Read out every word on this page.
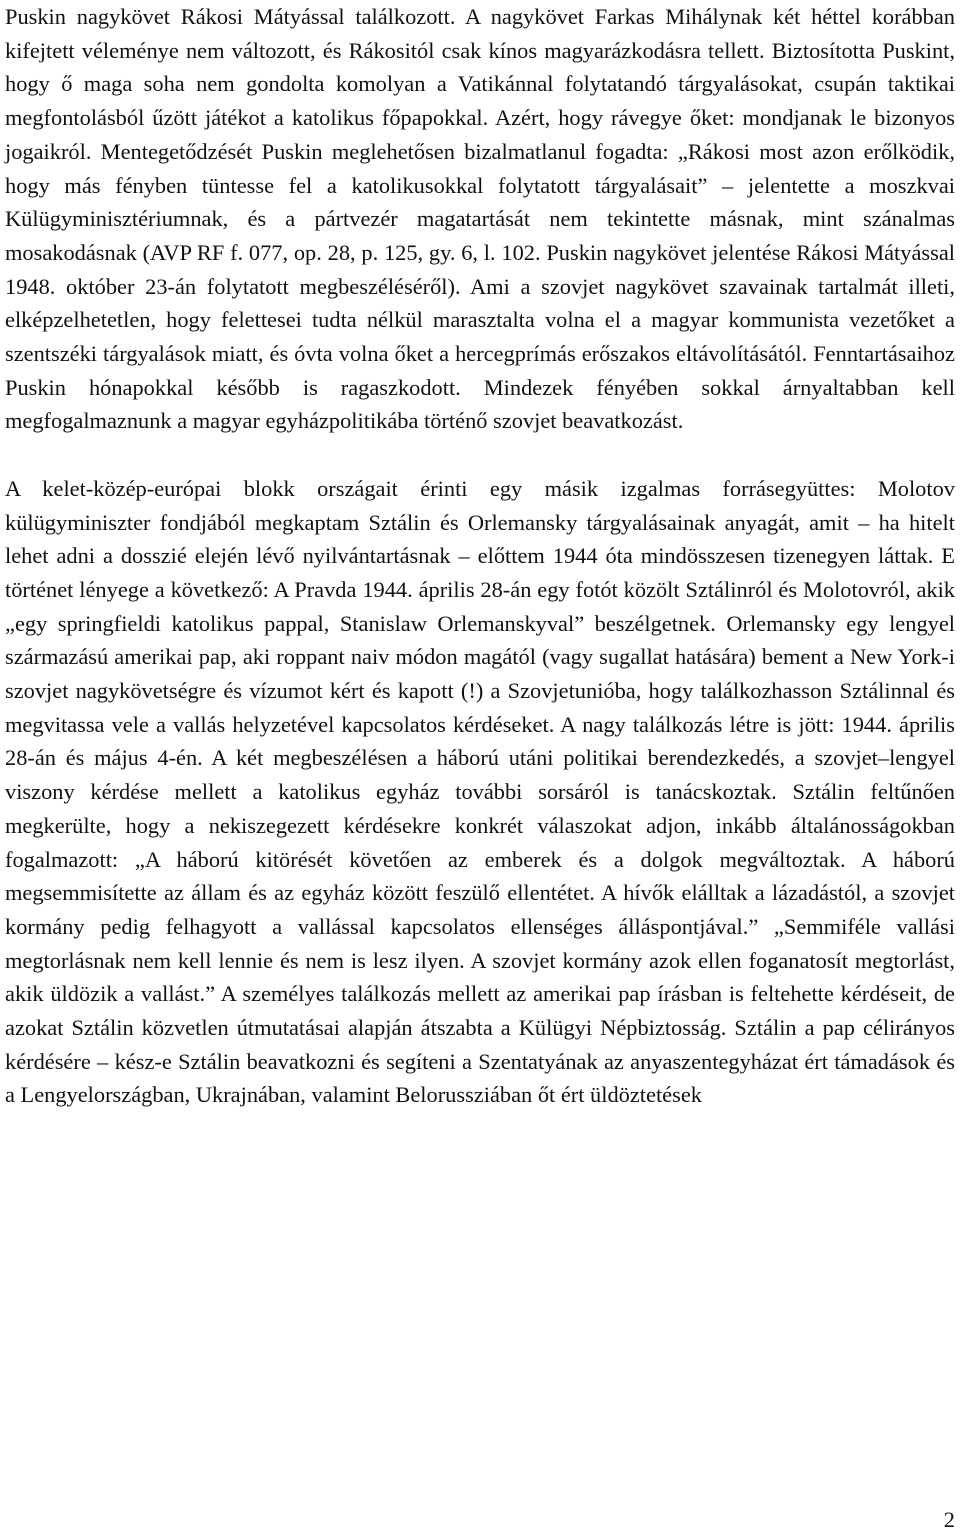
Puskin nagykövet Rákosi Mátyással találkozott. A nagykövet Farkas Mihálynak két héttel korábban kifejtett véleménye nem változott, és Rákositól csak kínos magyarázkodásra tellett. Biztosította Puskint, hogy ő maga soha nem gondolta komolyan a Vatikánnal folytatandó tárgyalásokat, csupán taktikai megfontolásból űzött játékot a katolikus főpapokkal. Azért, hogy rávegye őket: mondjanak le bizonyos jogaikról. Mentegetődzését Puskin meglehetősen bizalmatlanul fogadta: „Rákosi most azon erőlködik, hogy más fényben tüntesse fel a katolikusokkal folytatott tárgyalásait” – jelentette a moszkvai Külügyminisztériumnak, és a pártvezér magatartását nem tekintette másnak, mint szánalmas mosakodásnak (AVP RF f. 077, op. 28, p. 125, gy. 6, l. 102. Puskin nagykövet jelentése Rákosi Mátyással 1948. október 23-án folytatott megbeszéléséről). Ami a szovjet nagykövet szavainak tartalmát illeti, elképzelhetetlen, hogy felettesei tudta nélkül marasztalta volna el a magyar kommunista vezetőket a szentszéki tárgyalások miatt, és óvta volna őket a hercegprímás erőszakos eltávolításától. Fenntartásaihoz Puskin hónapokkal később is ragaszkodott. Mindezek fényében sokkal árnyaltabban kell megfogalmaznunk a magyar egyházpolitikába történő szovjet beavatkozást.

A kelet-közép-európai blokk országait érinti egy másik izgalmas forrásegyüttes: Molotov külügyminiszter fondjából megkaptam Sztálin és Orlemansky tárgyalásainak anyagát, amit – ha hitelt lehet adni a dosszié elején lévő nyilvántartásnak – előttem 1944 óta mindösszesen tizenegyen láttak. E történet lényege a következő: A Pravda 1944. április 28-án egy fotót közölt Sztálinról és Molotovról, akik „egy springfieldi katolikus pappal, Stanislaw Orlemanskyval” beszélgetnek. Orlemansky egy lengyel származású amerikai pap, aki roppant naiv módon magától (vagy sugallat hatására) bement a New York-i szovjet nagykövetségre és vízumot kért és kapott (!) a Szovjetunióba, hogy találkozhasson Sztálinnal és megvitassa vele a vallás helyzetével kapcsolatos kérdéseket. A nagy találkozás létre is jött: 1944. április 28-án és május 4-én. A két megbeszélésen a háború utáni politikai berendezkedés, a szovjet–lengyel viszony kérdése mellett a katolikus egyház további sorsáról is tanácskoztak. Sztálin feltűnően megkerülte, hogy a nekiszegezett kérdésekre konkrét válaszokat adjon, inkább általánosságokban fogalmazott: „A háború kitörését követően az emberek és a dolgok megváltoztak. A háború megsemmisítette az állam és az egyház között feszülő ellentétet. A hívők elálltak a lázadástól, a szovjet kormány pedig felhagyott a vallással kapcsolatos ellenséges álláspontjával.” „Semmiféle vallási megtorlásnak nem kell lennie és nem is lesz ilyen. A szovjet kormány azok ellen foganatosít megtorlást, akik üldözik a vallást.” A személyes találkozás mellett az amerikai pap írásban is feltehette kérdéseit, de azokat Sztálin közvetlen útmutatásai alapján átszabta a Külügyi Népbiztosság. Sztálin a pap célirányos kérdésére – kész-e Sztálin beavatkozni és segíteni a Szentatyának az anyaszentegyházat ért támadások és a Lengyelországban, Ukrajnában, valamint Belorussziában őt ért üldöztetések

2
